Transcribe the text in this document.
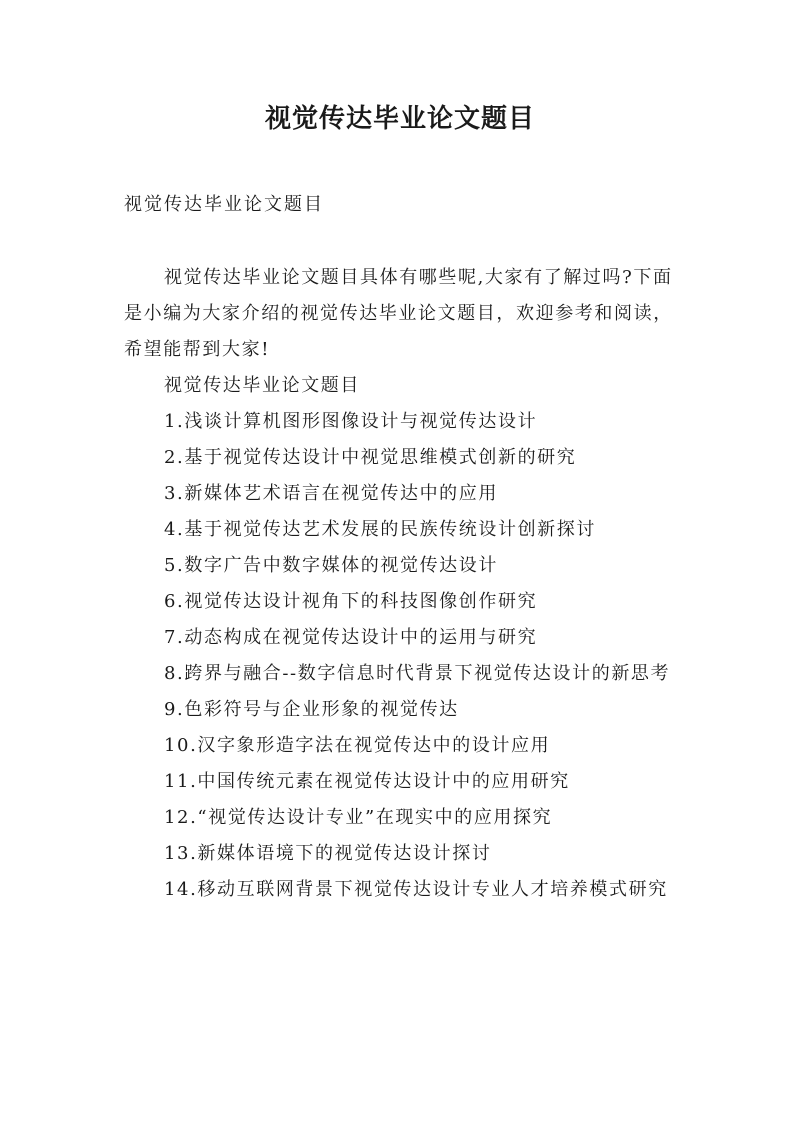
视觉传达毕业论文题目
视觉传达毕业论文题目

视觉传达毕业论文题目具体有哪些呢,大家有了解过吗?下面是小编为大家介绍的视觉传达毕业论文题目，欢迎参考和阅读，希望能帮到大家!

视觉传达毕业论文题目

1.浅谈计算机图形图像设计与视觉传达设计
2.基于视觉传达设计中视觉思维模式创新的研究
3.新媒体艺术语言在视觉传达中的应用
4.基于视觉传达艺术发展的民族传统设计创新探讨
5.数字广告中数字媒体的视觉传达设计
6.视觉传达设计视角下的科技图像创作研究
7.动态构成在视觉传达设计中的运用与研究
8.跨界与融合--数字信息时代背景下视觉传达设计的新思考
9.色彩符号与企业形象的视觉传达
10.汉字象形造字法在视觉传达中的设计应用
11.中国传统元素在视觉传达设计中的应用研究
12.“视觉传达设计专业”在现实中的应用探究
13.新媒体语境下的视觉传达设计探讨
14.移动互联网背景下视觉传达设计专业人才培养模式研究
